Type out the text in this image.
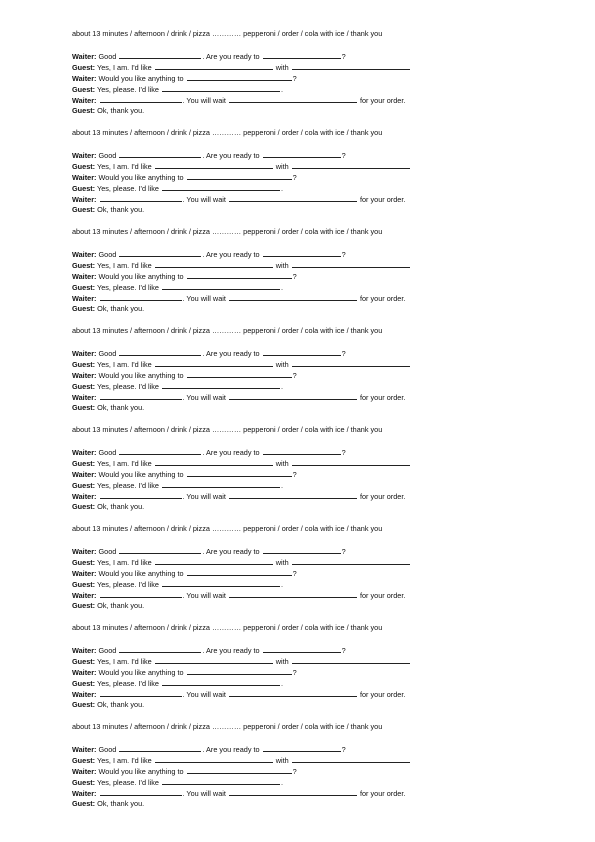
about 13 minutes / afternoon / drink / pizza ………… pepperoni / order / cola with ice / thank you
Waiter: Good	. Are you ready to	?
Guest: Yes, I am. I'd like	with
Waiter: Would you like anything to	?
Guest: Yes, please. I'd like	.
Waiter:	. You will wait	for your order.
Guest: Ok, thank you.
about 13 minutes / afternoon / drink / pizza ………… pepperoni / order / cola with ice / thank you
Waiter: Good	. Are you ready to	?
Guest: Yes, I am. I'd like	with
Waiter: Would you like anything to	?
Guest: Yes, please. I'd like	.
Waiter:	. You will wait	for your order.
Guest: Ok, thank you.
about 13 minutes / afternoon / drink / pizza ………… pepperoni / order / cola with ice / thank you
Waiter: Good	. Are you ready to	?
Guest: Yes, I am. I'd like	with
Waiter: Would you like anything to	?
Guest: Yes, please. I'd like	.
Waiter:	. You will wait	for your order.
Guest: Ok, thank you.
about 13 minutes / afternoon / drink / pizza ………… pepperoni / order / cola with ice / thank you
Waiter: Good	. Are you ready to	?
Guest: Yes, I am. I'd like	with
Waiter: Would you like anything to	?
Guest: Yes, please. I'd like	.
Waiter:	. You will wait	for your order.
Guest: Ok, thank you.
about 13 minutes / afternoon / drink / pizza ………… pepperoni / order / cola with ice / thank you
Waiter: Good	. Are you ready to	?
Guest: Yes, I am. I'd like	with
Waiter: Would you like anything to	?
Guest: Yes, please. I'd like	.
Waiter:	. You will wait	for your order.
Guest: Ok, thank you.
about 13 minutes / afternoon / drink / pizza ………… pepperoni / order / cola with ice / thank you
Waiter: Good	. Are you ready to	?
Guest: Yes, I am. I'd like	with
Waiter: Would you like anything to	?
Guest: Yes, please. I'd like	.
Waiter:	. You will wait	for your order.
Guest: Ok, thank you.
about 13 minutes / afternoon / drink / pizza ………… pepperoni / order / cola with ice / thank you
Waiter: Good	. Are you ready to	?
Guest: Yes, I am. I'd like	with
Waiter: Would you like anything to	?
Guest: Yes, please. I'd like	.
Waiter:	. You will wait	for your order.
Guest: Ok, thank you.
about 13 minutes / afternoon / drink / pizza ………… pepperoni / order / cola with ice / thank you
Waiter: Good	. Are you ready to	?
Guest: Yes, I am. I'd like	with
Waiter: Would you like anything to	?
Guest: Yes, please. I'd like	.
Waiter:	. You will wait	for your order.
Guest: Ok, thank you.
